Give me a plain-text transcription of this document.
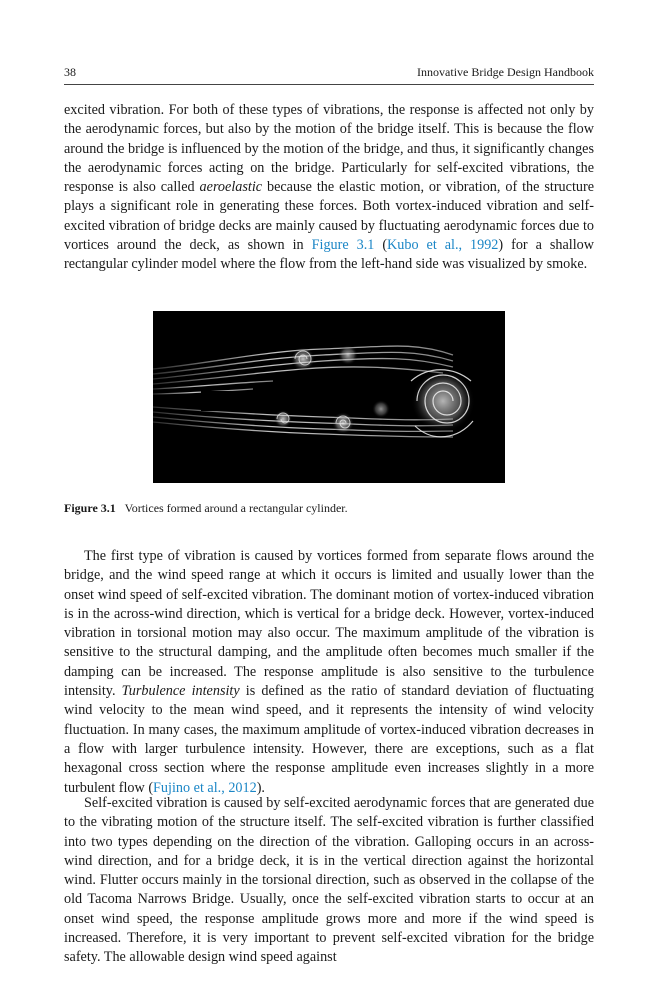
38	Innovative Bridge Design Handbook

excited vibration. For both of these types of vibrations, the response is affected not only by the aerodynamic forces, but also by the motion of the bridge itself. This is because the flow around the bridge is influenced by the motion of the bridge, and thus, it significantly changes the aerodynamic forces acting on the bridge. Particularly for self-excited vibrations, the response is also called aeroelastic because the elastic motion, or vibration, of the structure plays a significant role in generating these forces. Both vortex-induced vibration and self-excited vibration of bridge decks are mainly caused by fluctuating aerodynamic forces due to vortices around the deck, as shown in Figure 3.1 (Kubo et al., 1992) for a shallow rectangular cylinder model where the flow from the left-hand side was visualized by smoke.

Figure 3.1 Vortices formed around a rectangular cylinder.

The first type of vibration is caused by vortices formed from separate flows around the bridge, and the wind speed range at which it occurs is limited and usually lower than the onset wind speed of self-excited vibration. The dominant motion of vortex-induced vibration is in the across-wind direction, which is vertical for a bridge deck. However, vortex-induced vibration in torsional motion may also occur. The maximum amplitude of the vibration is sensitive to the structural damping, and the amplitude often becomes much smaller if the damping can be increased. The response amplitude is also sensitive to the turbulence intensity. Turbulence intensity is defined as the ratio of standard deviation of fluctuating wind velocity to the mean wind speed, and it represents the intensity of wind velocity fluctuation. In many cases, the maximum amplitude of vortex-induced vibration decreases in a flow with larger turbulence intensity. However, there are exceptions, such as a flat hexagonal cross section where the response amplitude even increases slightly in a more turbulent flow (Fujino et al., 2012).

Self-excited vibration is caused by self-excited aerodynamic forces that are generated due to the vibrating motion of the structure itself. The self-excited vibration is further classified into two types depending on the direction of the vibration. Galloping occurs in an across-wind direction, and for a bridge deck, it is in the vertical direction against the horizontal wind. Flutter occurs mainly in the torsional direction, such as observed in the collapse of the old Tacoma Narrows Bridge. Usually, once the self-excited vibration starts to occur at an onset wind speed, the response amplitude grows more and more if the wind speed is increased. Therefore, it is very important to prevent self-excited vibration for the bridge safety. The allowable design wind speed against
